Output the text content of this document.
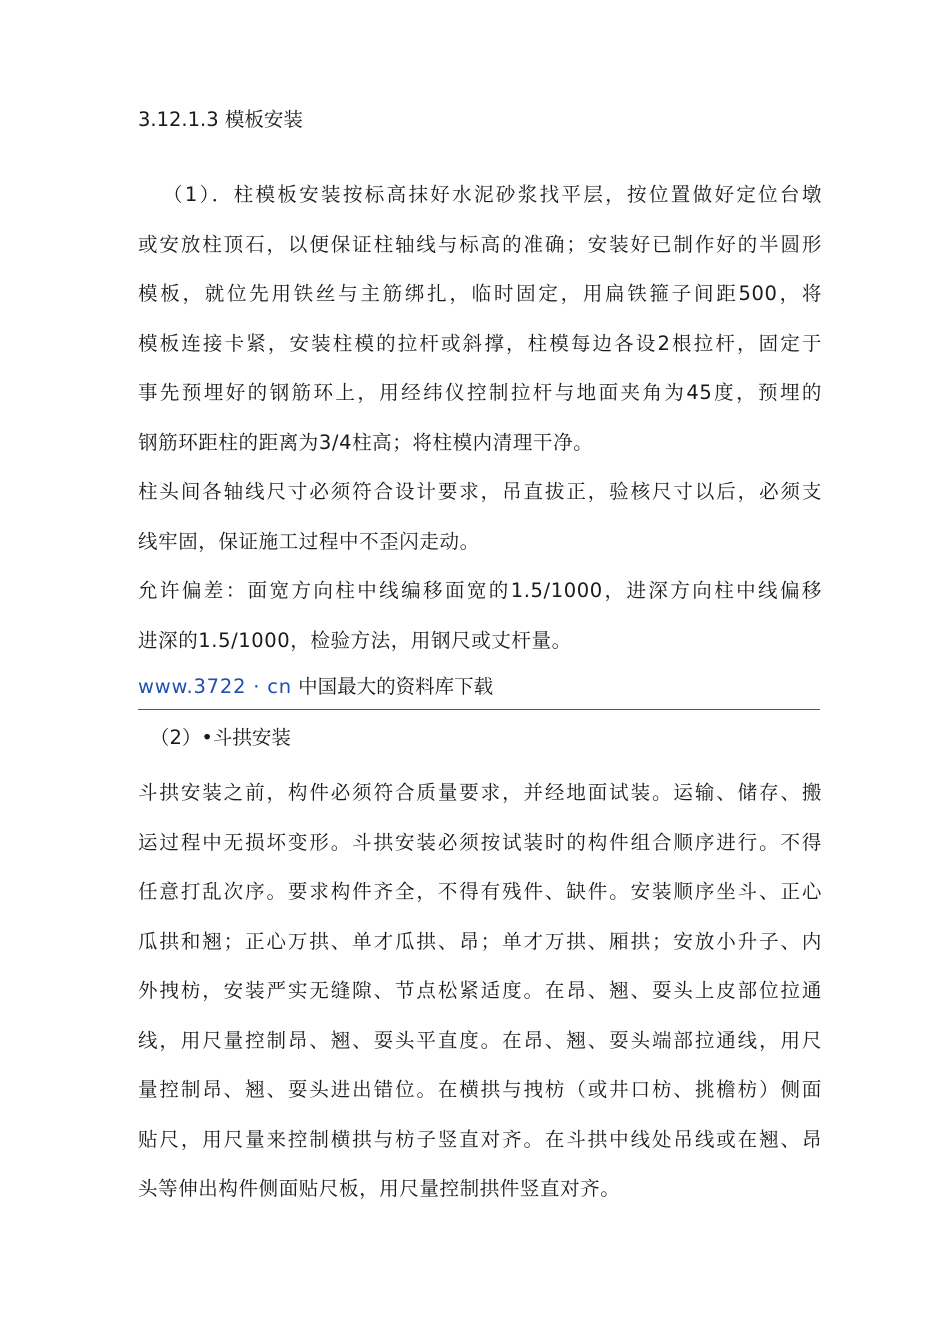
3.12.1.3 模板安装
（1）．柱模板安装按标高抹好水泥砂浆找平层，按位置做好定位台墩
或安放柱顶石，以便保证柱轴线与标高的准确；安装好已制作好的半圆形
模板，就位先用铁丝与主筋绑扎，临时固定，用扁铁箍子间距500，将
模板连接卡紧，安装柱模的拉杆或斜撑，柱模每边各设2根拉杆，固定于
事先预埋好的钢筋环上，用经纬仪控制拉杆与地面夹角为45度，预埋的
钢筋环距柱的距离为3/4柱高；将柱模内清理干净。
柱头间各轴线尺寸必须符合设计要求，吊直拔正，验核尺寸以后，必须支
线牢固，保证施工过程中不歪闪走动。
允许偏差：面宽方向柱中线编移面宽的1.5/1000，进深方向柱中线偏移
进深的1.5/1000，检验方法，用钢尺或丈杆量。
www.3722 · cn 中国最大的资料库下载
（2）•斗拱安装
斗拱安装之前，构件必须符合质量要求，并经地面试装。运输、储存、搬
运过程中无损坏变形。斗拱安装必须按试装时的构件组合顺序进行。不得
任意打乱次序。要求构件齐全，不得有残件、缺件。安装顺序坐斗、正心
瓜拱和翘；正心万拱、单才瓜拱、昂；单才万拱、厢拱；安放小升子、内
外拽枋，安装严实无缝隙、节点松紧适度。在昂、翘、耍头上皮部位拉通
线，用尺量控制昂、翘、耍头平直度。在昂、翘、耍头端部拉通线，用尺
量控制昂、翘、耍头进出错位。在横拱与拽枋（或井口枋、挑檐枋）侧面
贴尺，用尺量来控制横拱与枋子竖直对齐。在斗拱中线处吊线或在翘、昂
头等伸出构件侧面贴尺板，用尺量控制拱件竖直对齐。
